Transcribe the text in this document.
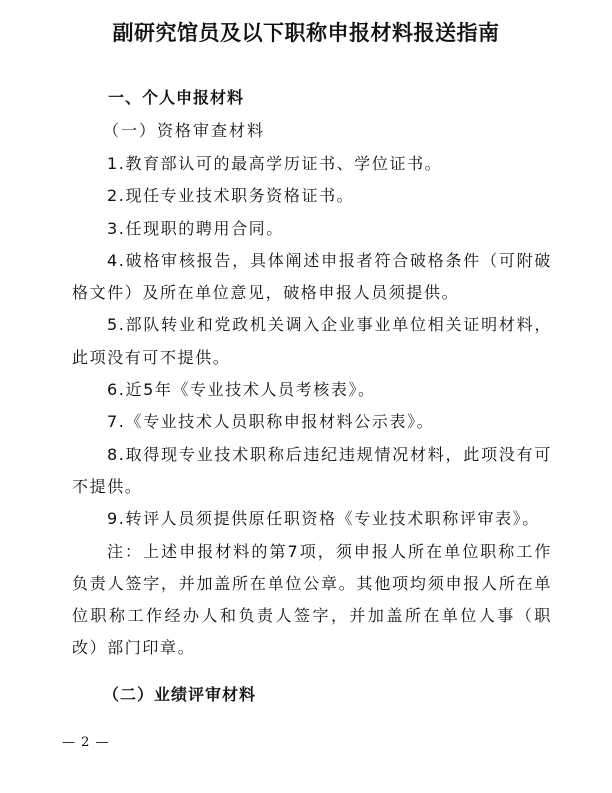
副研究馆员及以下职称申报材料报送指南
一、个人申报材料
（一）资格审查材料

1.教育部认可的最高学历证书、学位证书。

2.现任专业技术职务资格证书。

3.任现职的聘用合同。

4.破格审核报告，具体阐述申报者符合破格条件（可附破格文件）及所在单位意见，破格申报人员须提供。

5.部队转业和党政机关调入企业事业单位相关证明材料，此项没有可不提供。

6.近5年《专业技术人员考核表》。

7.《专业技术人员职称申报材料公示表》。

8.取得现专业技术职称后违纪违规情况材料，此项没有可不提供。

9.转评人员须提供原任职资格《专业技术职称评审表》。

注：上述申报材料的第7项，须申报人所在单位职称工作负责人签字，并加盖所在单位公章。其他项均须申报人所在单位职称工作经办人和负责人签字，并加盖所在单位人事（职改）部门印章。

（二）业绩评审材料
— 2 —
